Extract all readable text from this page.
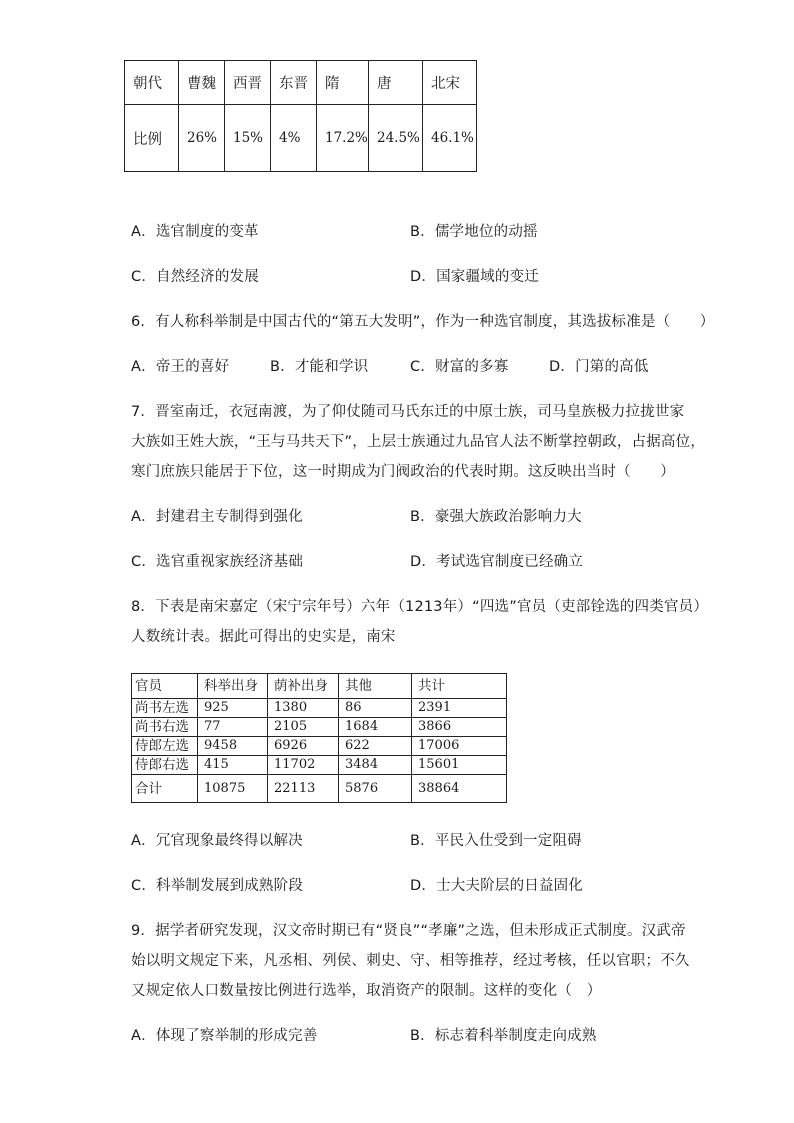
朝代	曹魏	西晋	东晋	隋	唐	北宋
比例	26%	15%	4%	17.2%	24.5%	46.1%
A．选官制度的变革	B．儒学地位的动摇
C．自然经济的发展	D．国家疆域的变迁
6．有人称科举制是中国古代的“第五大发明”，作为一种选官制度，其选拔标准是（　　）
A．帝王的喜好	B．才能和学识	C．财富的多寡	D．门第的高低
7．晋室南迁，衣冠南渡，为了仰仗随司马氏东迁的中原士族，司马皇族极力拉拢世家
大族如王姓大族，“王与马共天下”，上层士族通过九品官人法不断掌控朝政，占据高位，
寒门庶族只能居于下位，这一时期成为门阀政治的代表时期。这反映出当时（　　）
A．封建君主专制得到强化	B．豪强大族政治影响力大
C．选官重视家族经济基础	D．考试选官制度已经确立
8．下表是南宋嘉定（宋宁宗年号）六年（1213年）“四选”官员（吏部铨选的四类官员）
人数统计表。据此可得出的史实是，南宋
官员	科举出身	荫补出身	其他	共计
尚书左选	925	1380	86	2391
尚书右选	77	2105	1684	3866
侍郎左选	9458	6926	622	17006
侍郎右选	415	11702	3484	15601
合计	10875	22113	5876	38864
A．冗官现象最终得以解决	B．平民入仕受到一定阻碍
C．科举制发展到成熟阶段	D．士大夫阶层的日益固化
9．据学者研究发现，汉文帝时期已有“贤良”“孝廉”之选，但未形成正式制度。汉武帝
始以明文规定下来，凡丞相、列侯、刺史、守、相等推荐，经过考核，任以官职；不久
又规定依人口数量按比例进行选举，取消资产的限制。这样的变化（　）
A．体现了察举制的形成完善	B．标志着科举制度走向成熟
